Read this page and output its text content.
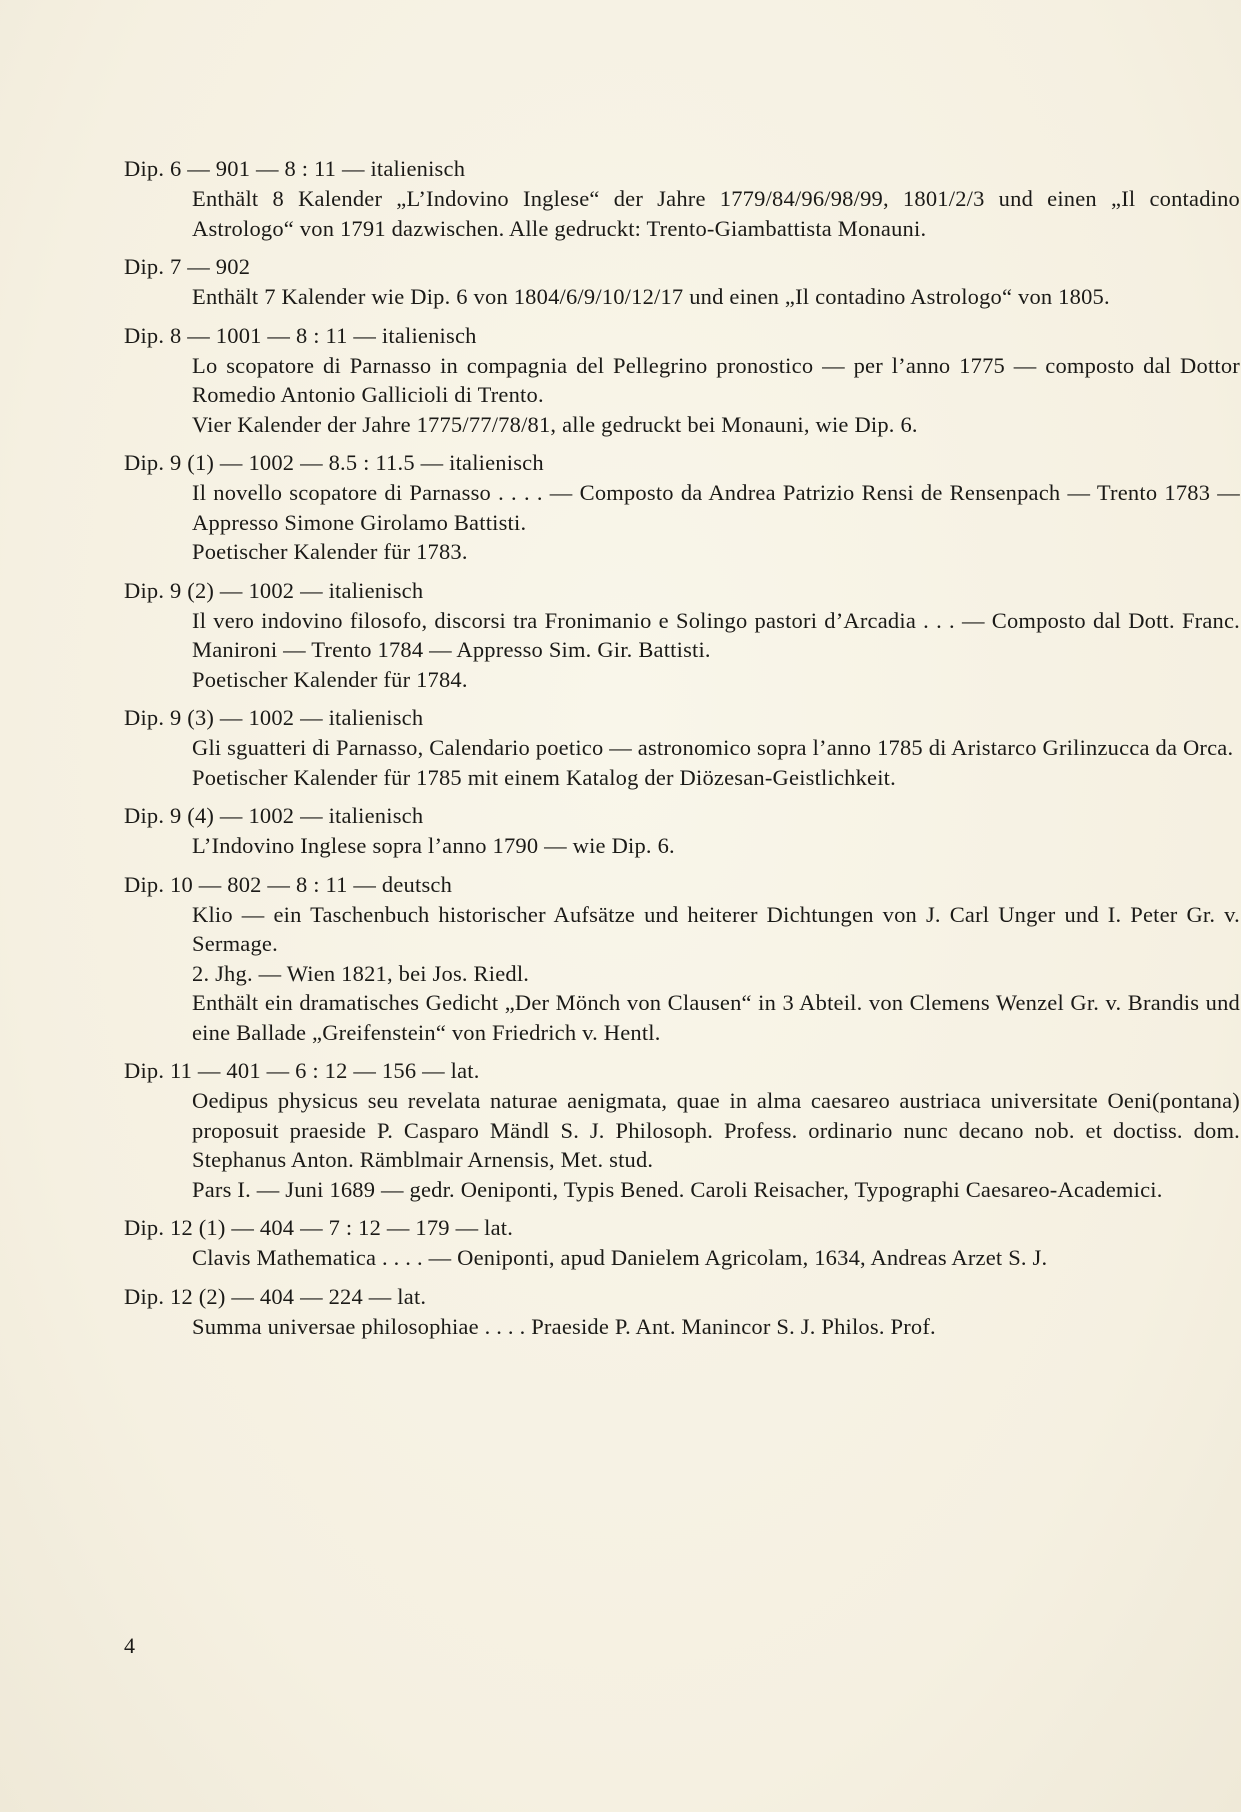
Dip. 6 — 901 — 8 : 11 — italienisch
Enthält 8 Kalender „L’Indovino Inglese“ der Jahre 1779/84/96/98/99, 1801/2/3 und einen „Il contadino Astrologo“ von 1791 dazwischen. Alle gedruckt: Trento-Giambattista Monauni.
Dip. 7 — 902
Enthält 7 Kalender wie Dip. 6 von 1804/6/9/10/12/17 und einen „Il contadino Astrologo“ von 1805.
Dip. 8 — 1001 — 8 : 11 — italienisch
Lo scopatore di Parnasso in compagnia del Pellegrino pronostico — per l’anno 1775 — composto dal Dottor Romedio Antonio Gallicioli di Trento.
Vier Kalender der Jahre 1775/77/78/81, alle gedruckt bei Monauni, wie Dip. 6.
Dip. 9 (1) — 1002 — 8.5 : 11.5 — italienisch
Il novello scopatore di Parnasso . . . . — Composto da Andrea Patrizio Rensi de Rensenpach — Trento 1783 — Appresso Simone Girolamo Battisti.
Poetischer Kalender für 1783.
Dip. 9 (2) — 1002 — italienisch
Il vero indovino filosofo, discorsi tra Fronimanio e Solingo pastori d’Arcadia . . . — Composto dal Dott. Franc. Manironi — Trento 1784 — Appresso Sim. Gir. Battisti.
Poetischer Kalender für 1784.
Dip. 9 (3) — 1002 — italienisch
Gli sguatteri di Parnasso, Calendario poetico — astronomico sopra l’anno 1785 di Aristarco Grilinzucca da Orca.
Poetischer Kalender für 1785 mit einem Katalog der Diözesan-Geistlichkeit.
Dip. 9 (4) — 1002 — italienisch
L’Indovino Inglese sopra l’anno 1790 — wie Dip. 6.
Dip. 10 — 802 — 8 : 11 — deutsch
Klio — ein Taschenbuch historischer Aufsätze und heiterer Dichtungen von J. Carl Unger und I. Peter Gr. v. Sermage.
2. Jhg. — Wien 1821, bei Jos. Riedl.
Enthält ein dramatisches Gedicht „Der Mönch von Clausen“ in 3 Abteil. von Clemens Wenzel Gr. v. Brandis und eine Ballade „Greifenstein“ von Friedrich v. Hentl.
Dip. 11 — 401 — 6 : 12 — 156 — lat.
Oedipus physicus seu revelata naturae aenigmata, quae in alma caesareo austriaca universitate Oeni(pontana) proposuit praeside P. Casparo Mändl S. J. Philosoph. Profess. ordinario nunc decano nob. et doctiss. dom. Stephanus Anton. Rämblmair Arnensis, Met. stud.
Pars I. — Juni 1689 — gedr. Oeniponti, Typis Bened. Caroli Reisacher, Typographi Caesareo-Academici.
Dip. 12 (1) — 404 — 7 : 12 — 179 — lat.
Clavis Mathematica . . . . — Oeniponti, apud Danielem Agricolam, 1634, Andreas Arzet S. J.
Dip. 12 (2) — 404 — 224 — lat.
Summa universae philosophiae . . . . Praeside P. Ant. Manincor S. J. Philos. Prof.
4
